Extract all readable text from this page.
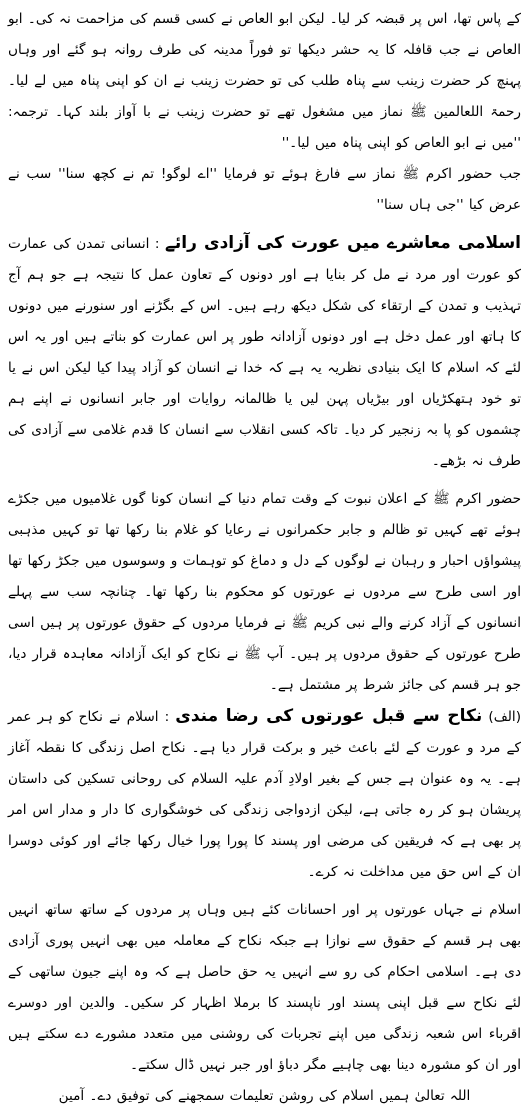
کے پاس تھا، اس پر قبضہ کر لیا۔ لیکن ابو العاص نے کسی قسم کی مزاحمت نہ کی۔ ابو العاص نے جب قافلہ کا یہ حشر دیکھا تو فوراً مدینہ کی طرف روانہ ہو گئے اور وہاں پہنچ کر حضرت زینب سے پناہ طلب کی تو حضرت زینب نے ان کو اپنی پناہ میں لے لیا۔ رحمۃ اللعالمین ﷺ نماز میں مشغول تھے تو حضرت زینب نے با آواز بلند کہا۔ ترجمہ: ''میں نے ابو العاص کو اپنی پناہ میں لیا۔''

جب حضور اکرم ﷺ نماز سے فارغ ہوئے تو فرمایا ''اے لوگو! تم نے کچھ سنا'' سب نے عرض کیا ''جی ہاں سنا''

اسلامی معاشرے میں عورت کی آزادی رائے : انسانی تمدن کی عمارت کو عورت اور مرد نے مل کر بنایا ہے اور دونوں کے تعاون عمل کا نتیجہ ہے جو ہم آج تہذیب و تمدن کے ارتقاء کی شکل دیکھ رہے ہیں۔ اس کے بگڑنے اور سنورنے میں دونوں کا ہاتھ اور عمل دخل ہے اور دونوں آزادانہ طور پر اس عمارت کو بناتے ہیں اور یہ اس لئے کہ اسلام کا ایک بنیادی نظریہ یہ ہے کہ خدا نے انسان کو آزاد پیدا کیا لیکن اس نے یا تو خود ہتھکڑیاں اور بیڑیاں پہن لیں یا ظالمانہ روایات اور جابر انسانوں نے اپنے ہم چشموں کو پا بہ زنجیر کر دیا۔ تاکہ کسی انقلاب سے انسان کا قدم غلامی سے آزادی کی طرف نہ بڑھے۔

حضور اکرم ﷺ کے اعلان نبوت کے وقت تمام دنیا کے انسان کونا گوں غلامیوں میں جکڑے ہوئے تھے کہیں تو ظالم و جابر حکمرانوں نے رعایا کو غلام بنا رکھا تھا تو کہیں مذہبی پیشواؤں احبار و رہبان نے لوگوں کے دل و دماغ کو توہمات و وسوسوں میں جکڑ رکھا تھا اور اسی طرح سے مردوں نے عورتوں کو محکوم بنا رکھا تھا۔ چنانچہ سب سے پہلے انسانوں کے آزاد کرنے والے نبی کریم ﷺ نے فرمایا مردوں کے حقوق عورتوں پر ہیں اسی طرح عورتوں کے حقوق مردوں پر ہیں۔ آپ ﷺ نے نکاح کو ایک آزادانہ معاہدہ قرار دیا، جو ہر قسم کی جائز شرط پر مشتمل ہے۔

(الف) نکاح سے قبل عورتوں کی رضا مندی : اسلام نے نکاح کو ہر عمر کے مرد و عورت کے لئے باعث خیر و برکت قرار دیا ہے۔ نکاح اصل زندگی کا نقطہ آغاز ہے۔ یہ وہ عنوان ہے جس کے بغیر اولادِ آدم علیہ السلام کی روحانی تسکین کی داستان پریشان ہو کر رہ جاتی ہے، لیکن ازدواجی زندگی کی خوشگواری کا دار و مدار اس امر پر بھی ہے کہ فریقین کی مرضی اور پسند کا پورا پورا خیال رکھا جائے اور کوئی دوسرا ان کے اس حق میں مداخلت نہ کرے۔

اسلام نے جہاں عورتوں پر اور احسانات کئے ہیں وہاں پر مردوں کے ساتھ ساتھ انہیں بھی ہر قسم کے حقوق سے نوازا ہے جبکہ نکاح کے معاملہ میں بھی انہیں پوری آزادی دی ہے۔ اسلامی احکام کی رو سے انہیں یہ حق حاصل ہے کہ وہ اپنے جیون ساتھی کے لئے نکاح سے قبل اپنی پسند اور ناپسند کا برملا اظہار کر سکیں۔ والدین اور دوسرے اقرباء اس شعبہ زندگی میں اپنے تجربات کی روشنی میں متعدد مشورے دے سکتے ہیں اور ان کو مشورہ دینا بھی چاہیے مگر دباؤ اور جبر نہیں ڈال سکتے۔

اللہ تعالیٰ ہمیں اسلام کی روشن تعلیمات سمجھنے کی توفیق دے۔ آمین
